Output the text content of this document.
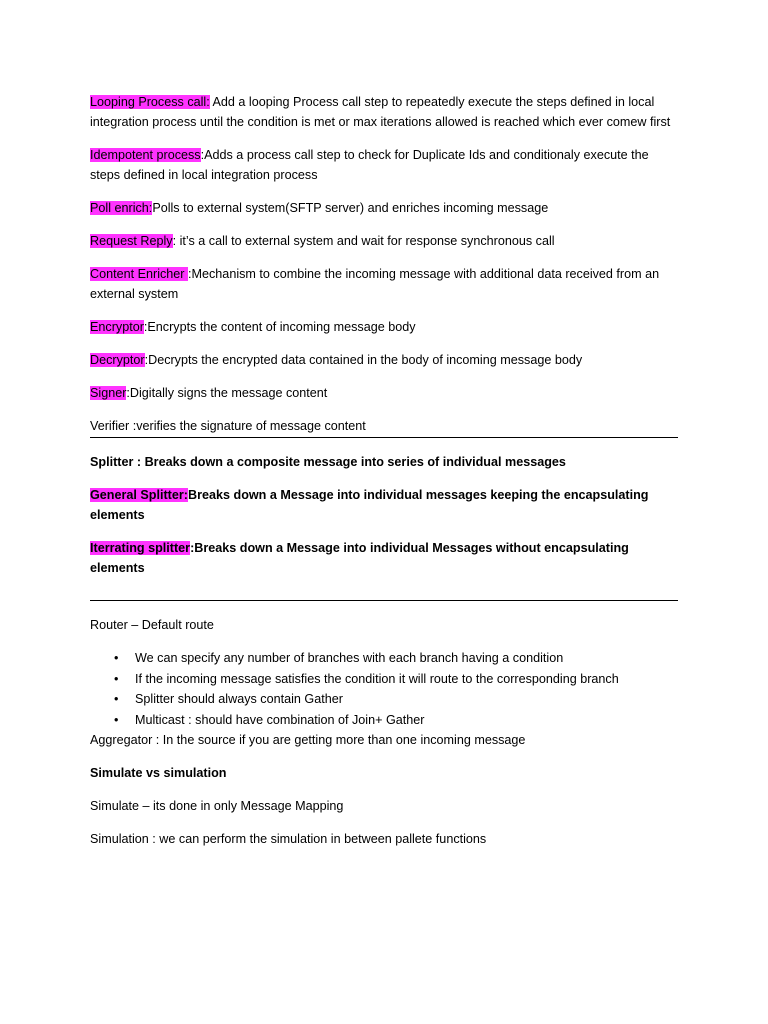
Looping Process call: Add a looping Process call step to repeatedly execute the steps defined in local integration process until the condition is met or max iterations allowed is reached which ever comew first

Idempotent process:Adds a process call step to check for Duplicate Ids and conditionaly execute the steps defined in local integration process

Poll enrich:Polls to external system(SFTP server) and enriches incoming message

Request Reply: it’s a call to external system and wait for response synchronous call

Content Enricher :Mechanism to combine the incoming message with additional data received from an external system

Encryptor:Encrypts the content of incoming message body

Decryptor:Decrypts the encrypted data contained in the body of incoming message body

Signer:Digitally signs the message content

Verifier :verifies the signature of message content

Splitter : Breaks down a composite message into series of individual messages

General Splitter:Breaks down a Message into individual messages keeping the encapsulating elements

Iterrating splitter:Breaks down a Message into individual Messages without encapsulating elements

Router – Default route

• We can specify any number of branches with each branch having a condition
• If the incoming message satisfies the condition it will route to the corresponding branch
• Splitter should always contain Gather
• Multicast : should have combination of Join+ Gather

Aggregator : In the source if you are getting more than one incoming message

Simulate vs simulation

Simulate – its done in only Message Mapping

Simulation : we can perform the simulation in between pallete functions
